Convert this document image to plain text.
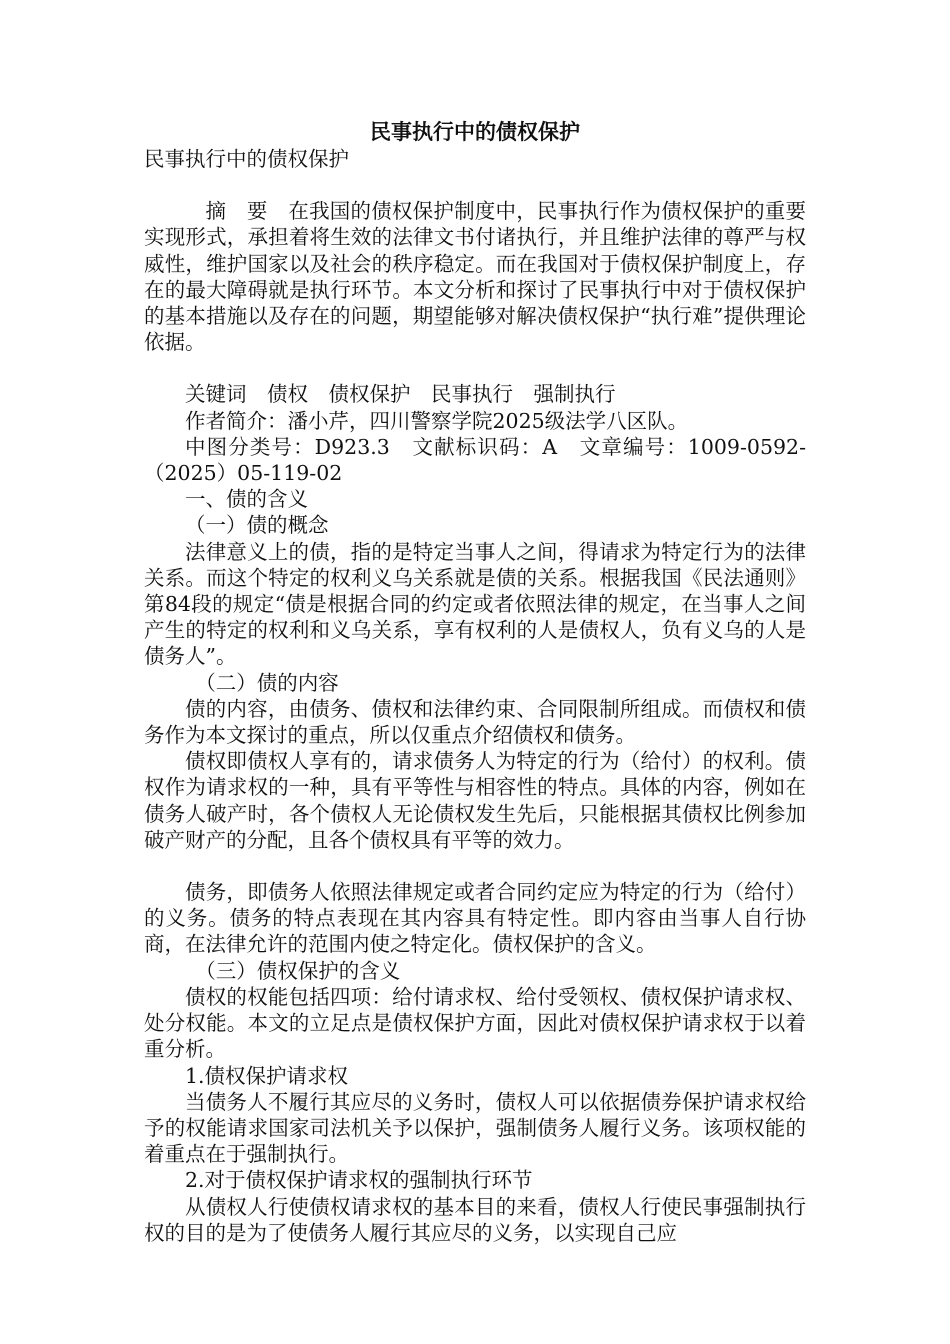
民事执行中的债权保护

民事执行中的债权保护

摘　要　在我国的债权保护制度中，民事执行作为债权保护的重要实现形式，承担着将生效的法律文书付诸执行，并且维护法律的尊严与权威性，维护国家以及社会的秩序稳定。而在我国对于债权保护制度上，存在的最大障碍就是执行环节。本文分析和探讨了民事执行中对于债权保护的基本措施以及存在的问题，期望能够对解决债权保护“执行难”提供理论依据。

关键词　债权　债权保护　民事执行　强制执行

作者简介：潘小芹，四川警察学院2025级法学八区队。

中图分类号：D923.3　文献标识码：A　文章编号：1009-0592-（2025）05-119-02

一、债的含义

（一）债的概念

法律意义上的债，指的是特定当事人之间，得请求为特定行为的法律关系。而这个特定的权利义乌关系就是债的关系。根据我国《民法通则》第84段的规定“债是根据合同的约定或者依照法律的规定，在当事人之间产生的特定的权利和义乌关系，享有权利的人是债权人，负有义乌的人是债务人”。

（二）债的内容

债的内容，由债务、债权和法律约束、合同限制所组成。而债权和债务作为本文探讨的重点，所以仅重点介绍债权和债务。

债权即债权人享有的，请求债务人为特定的行为（给付）的权利。债权作为请求权的一种，具有平等性与相容性的特点。具体的内容，例如在债务人破产时，各个债权人无论债权发生先后，只能根据其债权比例参加破产财产的分配，且各个债权具有平等的效力。

债务，即债务人依照法律规定或者合同约定应为特定的行为（给付）的义务。债务的特点表现在其内容具有特定性。即内容由当事人自行协商，在法律允许的范围内使之特定化。债权保护的含义。

（三）债权保护的含义

债权的权能包括四项：给付请求权、给付受领权、债权保护请求权、处分权能。本文的立足点是债权保护方面，因此对债权保护请求权于以着重分析。

1.债权保护请求权

当债务人不履行其应尽的义务时，债权人可以依据债券保护请求权给予的权能请求国家司法机关予以保护，强制债务人履行义务。该项权能的着重点在于强制执行。

2.对于债权保护请求权的强制执行环节

从债权人行使债权请求权的基本目的来看，债权人行使民事强制执行权的目的是为了使债务人履行其应尽的义务，以实现自己应
